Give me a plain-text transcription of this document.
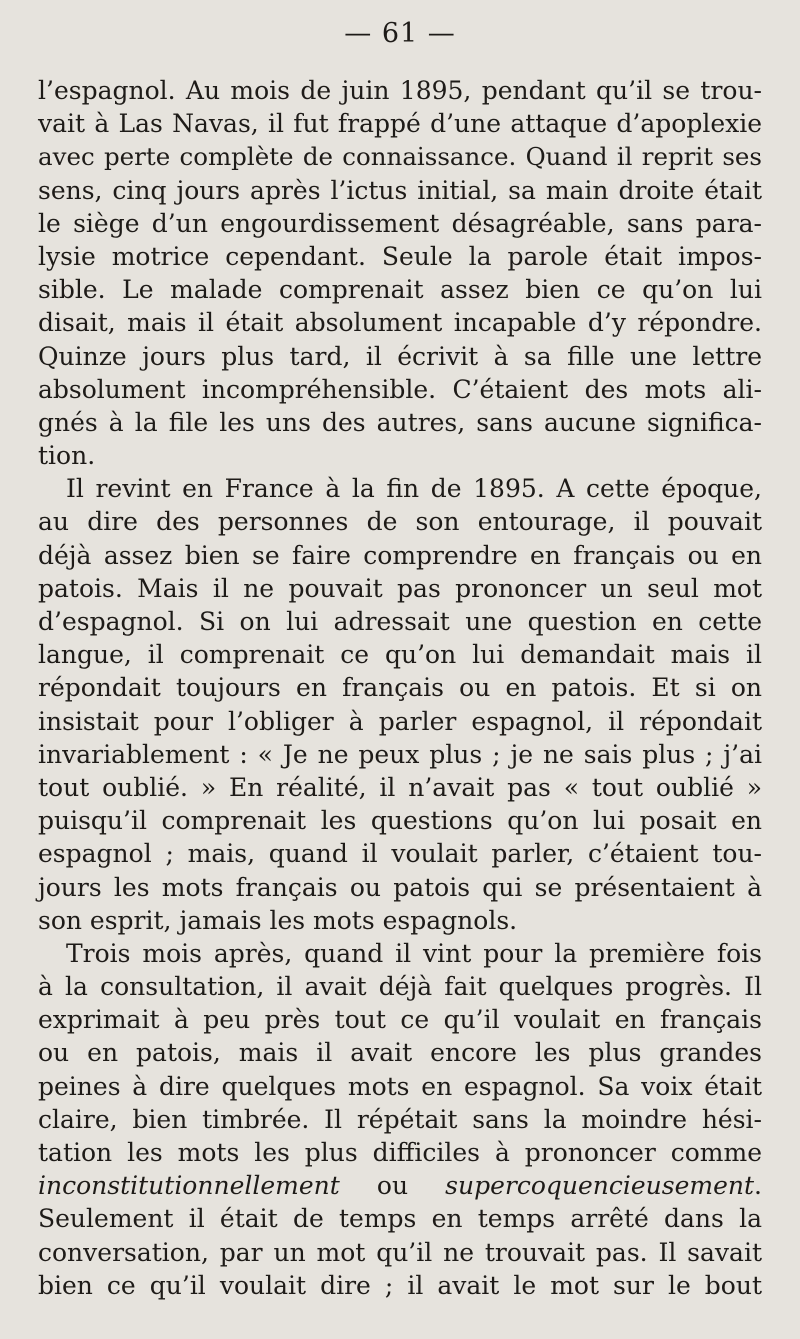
— 61 —
l’espagnol. Au mois de juin 1895, pendant qu’il se trou-
vait à Las Navas, il fut frappé d’une attaque d’apoplexie
avec perte complète de connaissance. Quand il reprit ses
sens, cinq jours après l’ictus initial, sa main droite était
le siège d’un engourdissement désagréable, sans para-
lysie motrice cependant. Seule la parole était impos-
sible. Le malade comprenait assez bien ce qu’on lui
disait, mais il était absolument incapable d’y répondre.
Quinze jours plus tard, il écrivit à sa fille une lettre
absolument incompréhensible. C’étaient des mots ali-
gnés à la file les uns des autres, sans aucune significa-
tion.
Il revint en France à la fin de 1895. A cette époque,
au dire des personnes de son entourage, il pouvait
déjà assez bien se faire comprendre en français ou en
patois. Mais il ne pouvait pas prononcer un seul mot
d’espagnol. Si on lui adressait une question en cette
langue, il comprenait ce qu’on lui demandait mais il
répondait toujours en français ou en patois. Et si on
insistait pour l’obliger à parler espagnol, il répondait
invariablement : « Je ne peux plus ; je ne sais plus ; j’ai
tout oublié. » En réalité, il n’avait pas « tout oublié »
puisqu’il comprenait les questions qu’on lui posait en
espagnol ; mais, quand il voulait parler, c’étaient tou-
jours les mots français ou patois qui se présentaient à
son esprit, jamais les mots espagnols.
Trois mois après, quand il vint pour la première fois
à la consultation, il avait déjà fait quelques progrès. Il
exprimait à peu près tout ce qu’il voulait en français
ou en patois, mais il avait encore les plus grandes
peines à dire quelques mots en espagnol. Sa voix était
claire, bien timbrée. Il répétait sans la moindre hési-
tation les mots les plus difficiles à prononcer comme
inconstitutionnellement ou supercoquencieusement.
Seulement il était de temps en temps arrêté dans la
conversation, par un mot qu’il ne trouvait pas. Il savait
bien ce qu’il voulait dire ; il avait le mot sur le bout
